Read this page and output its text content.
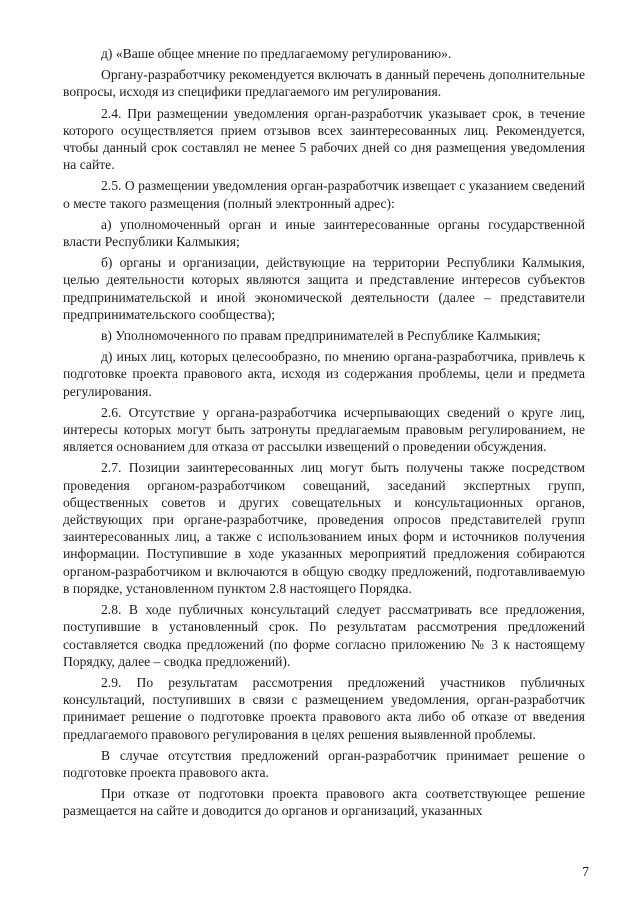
д) «Ваше общее мнение по предлагаемому регулированию».

Органу-разработчику рекомендуется включать в данный перечень дополнительные вопросы, исходя из специфики предлагаемого им регулирования.

2.4. При размещении уведомления орган-разработчик указывает срок, в течение которого осуществляется прием отзывов всех заинтересованных лиц. Рекомендуется, чтобы данный срок составлял не менее 5 рабочих дней со дня размещения уведомления на сайте.

2.5. О размещении уведомления орган-разработчик извещает с указанием сведений о месте такого размещения (полный электронный адрес):

а) уполномоченный орган и иные заинтересованные органы государственной власти Республики Калмыкия;

б) органы и организации, действующие на территории Республики Калмыкия, целью деятельности которых являются защита и представление интересов субъектов предпринимательской и иной экономической деятельности (далее – представители предпринимательского сообщества);

в) Уполномоченного по правам предпринимателей в Республике Калмыкия;

д) иных лиц, которых целесообразно, по мнению органа-разработчика, привлечь к подготовке проекта правового акта, исходя из содержания проблемы, цели и предмета регулирования.

2.6. Отсутствие у органа-разработчика исчерпывающих сведений о круге лиц, интересы которых могут быть затронуты предлагаемым правовым регулированием, не является основанием для отказа от рассылки извещений о проведении обсуждения.

2.7. Позиции заинтересованных лиц могут быть получены также посредством проведения органом-разработчиком совещаний, заседаний экспертных групп, общественных советов и других совещательных и консультационных органов, действующих при органе-разработчике, проведения опросов представителей групп заинтересованных лиц, а также с использованием иных форм и источников получения информации. Поступившие в ходе указанных мероприятий предложения собираются органом-разработчиком и включаются в общую сводку предложений, подготавливаемую в порядке, установленном пунктом 2.8 настоящего Порядка.

2.8. В ходе публичных консультаций следует рассматривать все предложения, поступившие в установленный срок. По результатам рассмотрения предложений составляется сводка предложений (по форме согласно приложению № 3 к настоящему Порядку, далее – сводка предложений).

2.9. По результатам рассмотрения предложений участников публичных консультаций, поступивших в связи с размещением уведомления, орган-разработчик принимает решение о подготовке проекта правового акта либо об отказе от введения предлагаемого правового регулирования в целях решения выявленной проблемы.

В случае отсутствия предложений орган-разработчик принимает решение о подготовке проекта правового акта.

При отказе от подготовки проекта правового акта соответствующее решение размещается на сайте и доводится до органов и организаций, указанных

7
